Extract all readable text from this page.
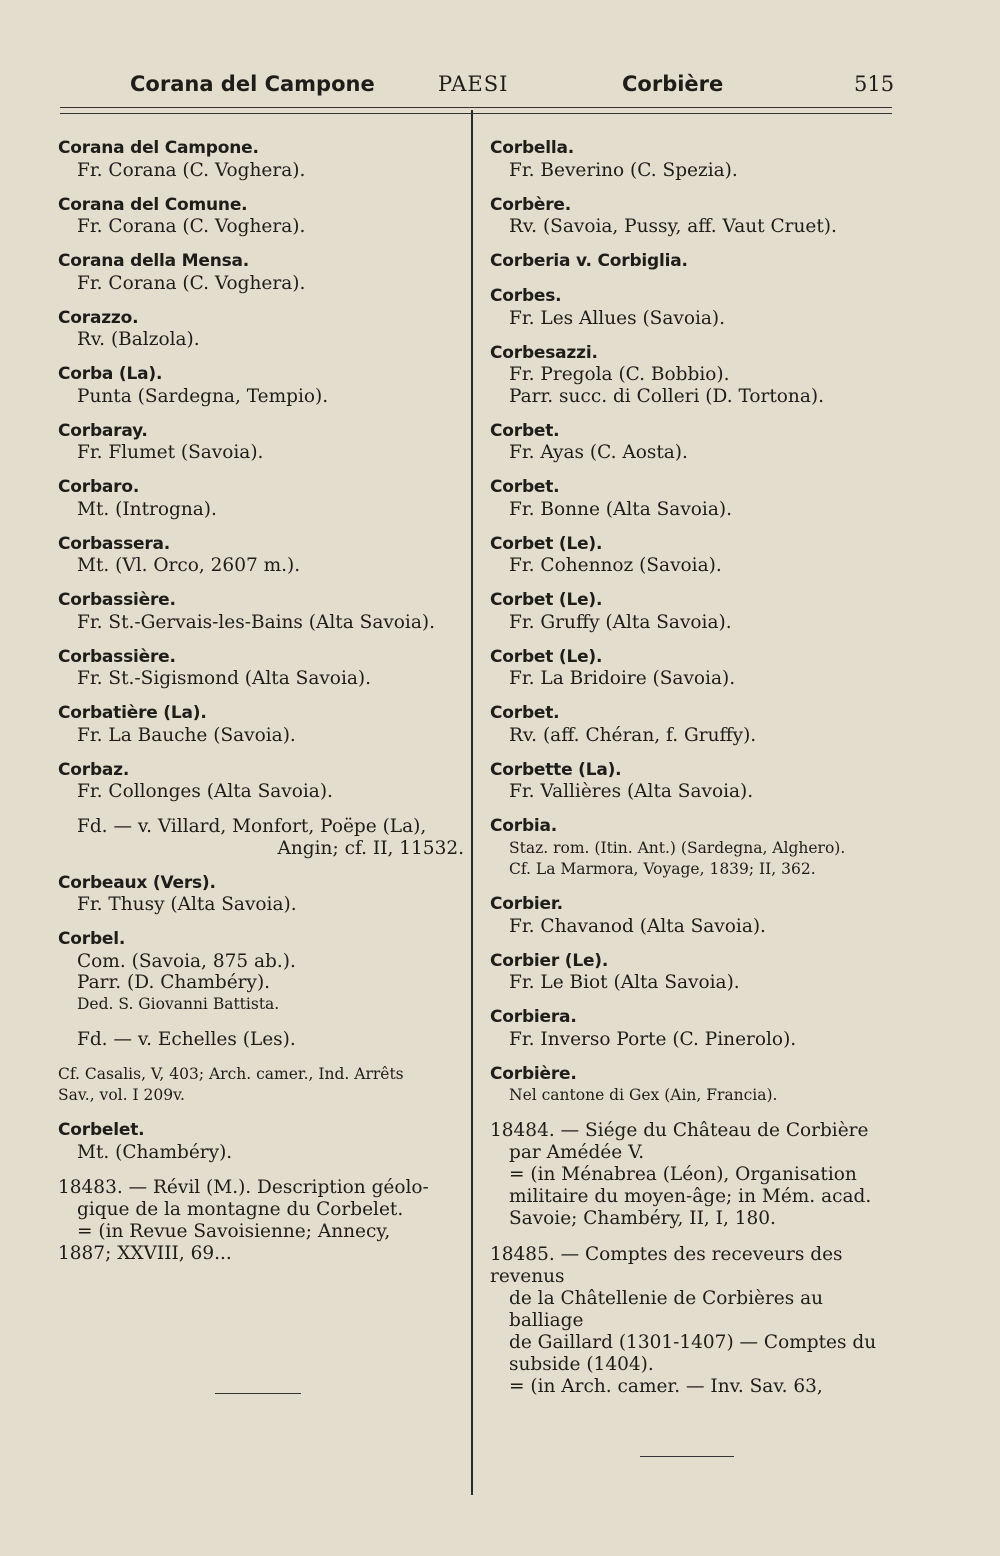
Corana del Campone	PAESI	Corbière	515
Corana del Campone.
Fr. Corana (C. Voghera).
Corana del Comune.
Fr. Corana (C. Voghera).
Corana della Mensa.
Fr. Corana (C. Voghera).
Corazzo.
Rv. (Balzola).
Corba (La).
Punta (Sardegna, Tempio).
Corbaray.
Fr. Flumet (Savoia).
Corbaro.
Mt. (Introgna).
Corbassera.
Mt. (Vl. Orco, 2607 m.).
Corbassière.
Fr. St.-Gervais-les-Bains (Alta Savoia).
Corbassière.
Fr. St.-Sigismond (Alta Savoia).
Corbatière (La).
Fr. La Bauche (Savoia).
Corbaz.
Fr. Collonges (Alta Savoia).
Fd. — v. Villard, Monfort, Poëpe (La),
Angin; cf. II, 11532.
Corbeaux (Vers).
Fr. Thusy (Alta Savoia).
Corbel.
Com. (Savoia, 875 ab.).
Parr. (D. Chambéry).
Ded. S. Giovanni Battista.
Fd. — v. Echelles (Les).
Cf. Casalis, V, 403; Arch. camer., Ind. Arrêts
Sav., vol. I 209v.
Corbelet.
Mt. (Chambéry).
18483. — Révil (M.). Description géolo-
gique de la montagne du Corbelet.
= (in Revue Savoisienne; Annecy,
1887; XXVIII, 69...
Corbella.
Fr. Beverino (C. Spezia).
Corbère.
Rv. (Savoia, Pussy, aff. Vaut Cruet).
Corberia v. Corbiglia.
Corbes.
Fr. Les Allues (Savoia).
Corbesazzi.
Fr. Pregola (C. Bobbio).
Parr. succ. di Colleri (D. Tortona).
Corbet.
Fr. Ayas (C. Aosta).
Corbet.
Fr. Bonne (Alta Savoia).
Corbet (Le).
Fr. Cohennoz (Savoia).
Corbet (Le).
Fr. Gruffy (Alta Savoia).
Corbet (Le).
Fr. La Bridoire (Savoia).
Corbet.
Rv. (aff. Chéran, f. Gruffy).
Corbette (La).
Fr. Vallières (Alta Savoia).
Corbia.
Staz. rom. (Itin. Ant.) (Sardegna, Alghero).
Cf. La Marmora, Voyage, 1839; II, 362.
Corbier.
Fr. Chavanod (Alta Savoia).
Corbier (Le).
Fr. Le Biot (Alta Savoia).
Corbiera.
Fr. Inverso Porte (C. Pinerolo).
Corbière.
Nel cantone di Gex (Ain, Francia).
18484. — Siége du Château de Corbière
par Amédée V.
= (in Ménabrea (Léon), Organisation
militaire du moyen-âge; in Mém. acad.
Savoie; Chambéry, II, I, 180.
18485. — Comptes des receveurs des revenus
de la Châtellenie de Corbières au balliage
de Gaillard (1301-1407) — Comptes du
subside (1404).
= (in Arch. camer. — Inv. Sav. 63,
